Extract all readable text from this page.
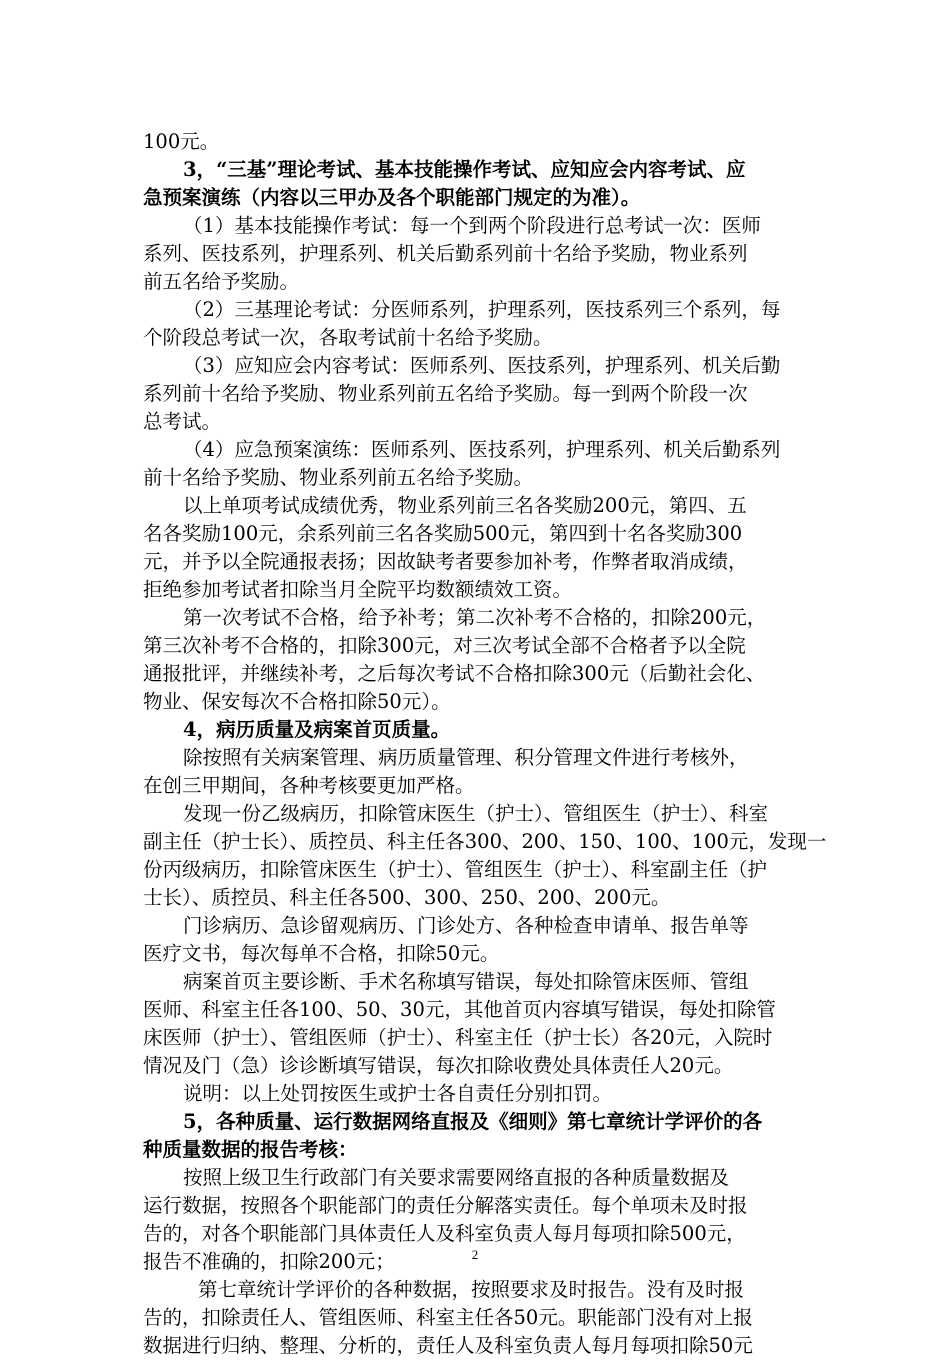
100元。
3，“三基”理论考试、基本技能操作考试、应知应会内容考试、应
急预案演练（内容以三甲办及各个职能部门规定的为准）。
（1）基本技能操作考试：每一个到两个阶段进行总考试一次：医师
系列、医技系列，护理系列、机关后勤系列前十名给予奖励，物业系列
前五名给予奖励。
（2）三基理论考试：分医师系列，护理系列，医技系列三个系列，每
个阶段总考试一次，各取考试前十名给予奖励。
（3）应知应会内容考试：医师系列、医技系列，护理系列、机关后勤
系列前十名给予奖励、物业系列前五名给予奖励。每一到两个阶段一次
总考试。
（4）应急预案演练：医师系列、医技系列，护理系列、机关后勤系列
前十名给予奖励、物业系列前五名给予奖励。
以上单项考试成绩优秀，物业系列前三名各奖励200元，第四、五
名各奖励100元，余系列前三名各奖励500元，第四到十名各奖励300
元，并予以全院通报表扬；因故缺考者要参加补考，作弊者取消成绩，
拒绝参加考试者扣除当月全院平均数额绩效工资。
第一次考试不合格，给予补考；第二次补考不合格的，扣除200元，
第三次补考不合格的，扣除300元，对三次考试全部不合格者予以全院
通报批评，并继续补考，之后每次考试不合格扣除300元（后勤社会化、
物业、保安每次不合格扣除50元）。
4，病历质量及病案首页质量。
除按照有关病案管理、病历质量管理、积分管理文件进行考核外，
在创三甲期间，各种考核要更加严格。
发现一份乙级病历，扣除管床医生（护士）、管组医生（护士）、科室
副主任（护士长）、质控员、科主任各300、200、150、100、100元，发现一
份丙级病历，扣除管床医生（护士）、管组医生（护士）、科室副主任（护
士长）、质控员、科主任各500、300、250、200、200元。
门诊病历、急诊留观病历、门诊处方、各种检查申请单、报告单等
医疗文书，每次每单不合格，扣除50元。
病案首页主要诊断、手术名称填写错误，每处扣除管床医师、管组
医师、科室主任各100、50、30元，其他首页内容填写错误，每处扣除管
床医师（护士）、管组医师（护士）、科室主任（护士长）各20元，入院时
情况及门（急）诊诊断填写错误，每次扣除收费处具体责任人20元。
说明：以上处罚按医生或护士各自责任分别扣罚。
5，各种质量、运行数据网络直报及《细则》第七章统计学评价的各
种质量数据的报告考核：
按照上级卫生行政部门有关要求需要网络直报的各种质量数据及
运行数据，按照各个职能部门的责任分解落实责任。每个单项未及时报
告的，对各个职能部门具体责任人及科室负责人每月每项扣除500元，
报告不准确的，扣除200元；
第七章统计学评价的各种数据，按照要求及时报告。没有及时报
告的，扣除责任人、管组医师、科室主任各50元。职能部门没有对上报
数据进行归纳、整理、分析的，责任人及科室负责人每月每项扣除50元
2
